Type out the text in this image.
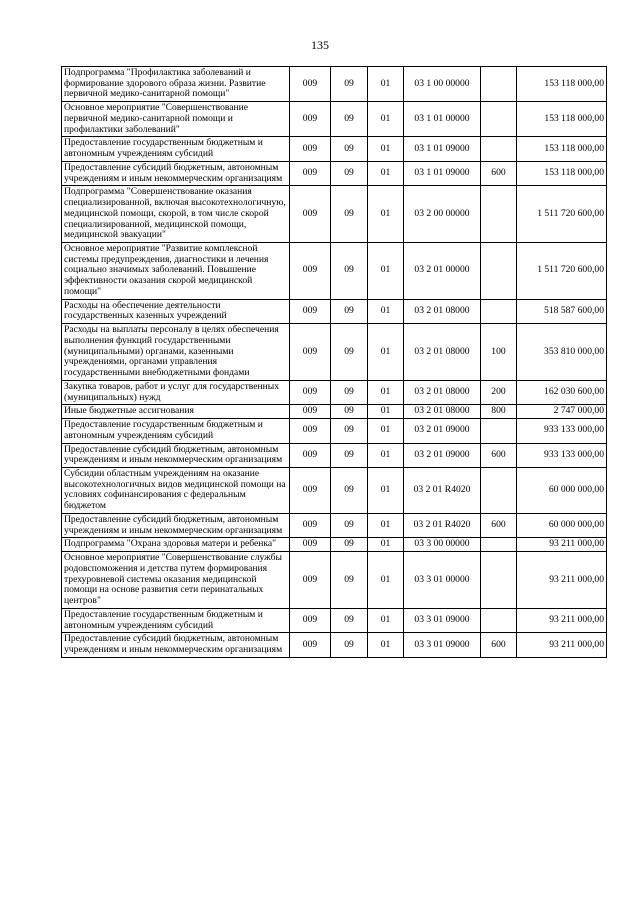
135
Подпрограмма "Профилактика заболеваний и формирование здорового образа жизни. Развитие первичной медико-санитарной помощи"	009	09	01	03 1 00 00000		153 118 000,00
Основное мероприятие "Совершенствование первичной медико-санитарной помощи и профилактики заболеваний"	009	09	01	03 1 01 00000		153 118 000,00
Предоставление государственным бюджетным и автономным учреждениям субсидий	009	09	01	03 1 01 09000		153 118 000,00
Предоставление субсидий бюджетным, автономным учреждениям и иным некоммерческим организациям	009	09	01	03 1 01 09000	600	153 118 000,00
Подпрограмма "Совершенствование оказания специализированной, включая высокотехнологичную, медицинской помощи, скорой, в том числе скорой специализированной, медицинской помощи, медицинской эвакуации"	009	09	01	03 2 00 00000		1 511 720 600,00
Основное мероприятие "Развитие комплексной системы предупреждения, диагностики и лечения социально значимых заболеваний. Повышение эффективности оказания скорой медицинской помощи"	009	09	01	03 2 01 00000		1 511 720 600,00
Расходы на обеспечение деятельности государственных казенных учреждений	009	09	01	03 2 01 08000		518 587 600,00
Расходы на выплаты персоналу в целях обеспечения выполнения функций государственными (муниципальными) органами, казенными учреждениями, органами управления государственными внебюджетными фондами	009	09	01	03 2 01 08000	100	353 810 000,00
Закупка товаров, работ и услуг для государственных (муниципальных) нужд	009	09	01	03 2 01 08000	200	162 030 600,00
Иные бюджетные ассигнования	009	09	01	03 2 01 08000	800	2 747 000,00
Предоставление государственным бюджетным и автономным учреждениям субсидий	009	09	01	03 2 01 09000		933 133 000,00
Предоставление субсидий бюджетным, автономным учреждениям и иным некоммерческим организациям	009	09	01	03 2 01 09000	600	933 133 000,00
Субсидии областным учреждениям на оказание высокотехнологичных видов медицинской помощи на условиях софинансирования с федеральным бюджетом	009	09	01	03 2 01 R4020		60 000 000,00
Предоставление субсидий бюджетным, автономным учреждениям и иным некоммерческим организациям	009	09	01	03 2 01 R4020	600	60 000 000,00
Подпрограмма "Охрана здоровья матери и ребенка"	009	09	01	03 3 00 00000		93 211 000,00
Основное мероприятие "Совершенствование службы родовспоможения и детства путем формирования трехуровневой системы оказания медицинской помощи на основе развития сети перинатальных центров"	009	09	01	03 3 01 00000		93 211 000,00
Предоставление государственным бюджетным и автономным учреждениям субсидий	009	09	01	03 3 01 09000		93 211 000,00
Предоставление субсидий бюджетным, автономным учреждениям и иным некоммерческим организациям	009	09	01	03 3 01 09000	600	93 211 000,00
